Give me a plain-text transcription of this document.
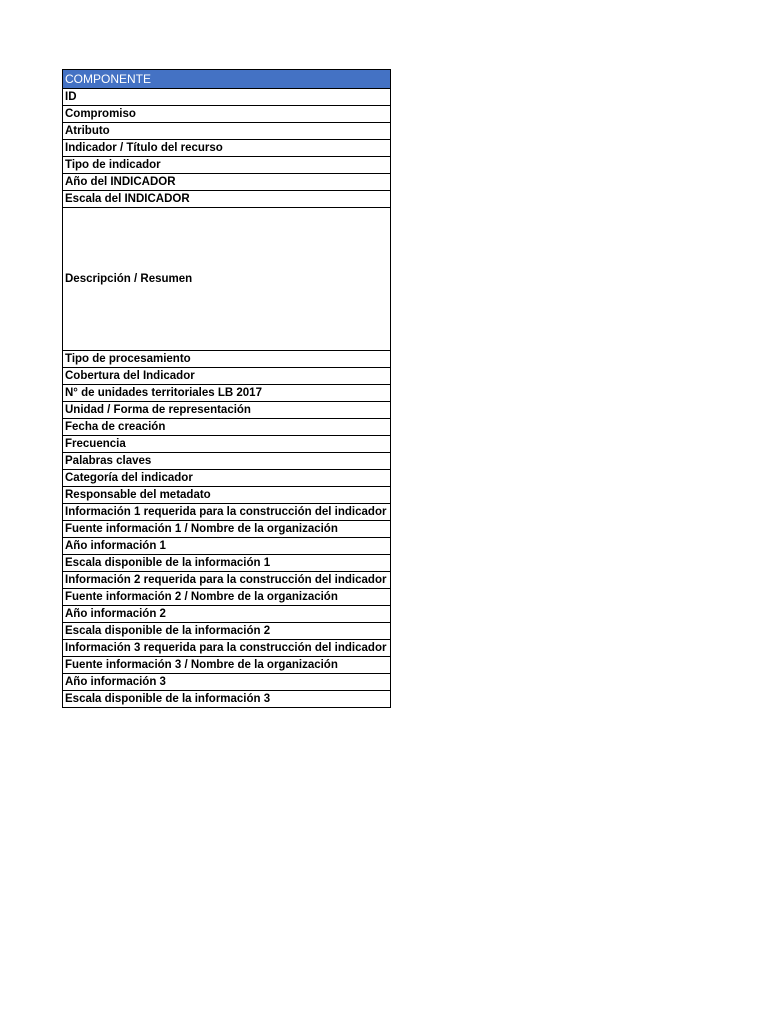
COMPONENTE
ID
Compromiso
Atributo
Indicador / Título del recurso
Tipo de indicador
Año del INDICADOR
Escala del INDICADOR
Descripción / Resumen
Tipo de procesamiento
Cobertura del Indicador
N° de unidades territoriales LB 2017
Unidad / Forma de representación
Fecha de creación
Frecuencia
Palabras claves
Categoría del indicador
Responsable del metadato
Información 1 requerida para la construcción del indicador
Fuente información 1 / Nombre de la organización
Año información 1
Escala disponible de la información 1
Información 2 requerida para la construcción del indicador
Fuente información 2 / Nombre de la organización
Año información 2
Escala disponible de la información 2
Información 3 requerida para la construcción del indicador
Fuente información 3 / Nombre de la organización
Año información 3
Escala disponible de la información 3
